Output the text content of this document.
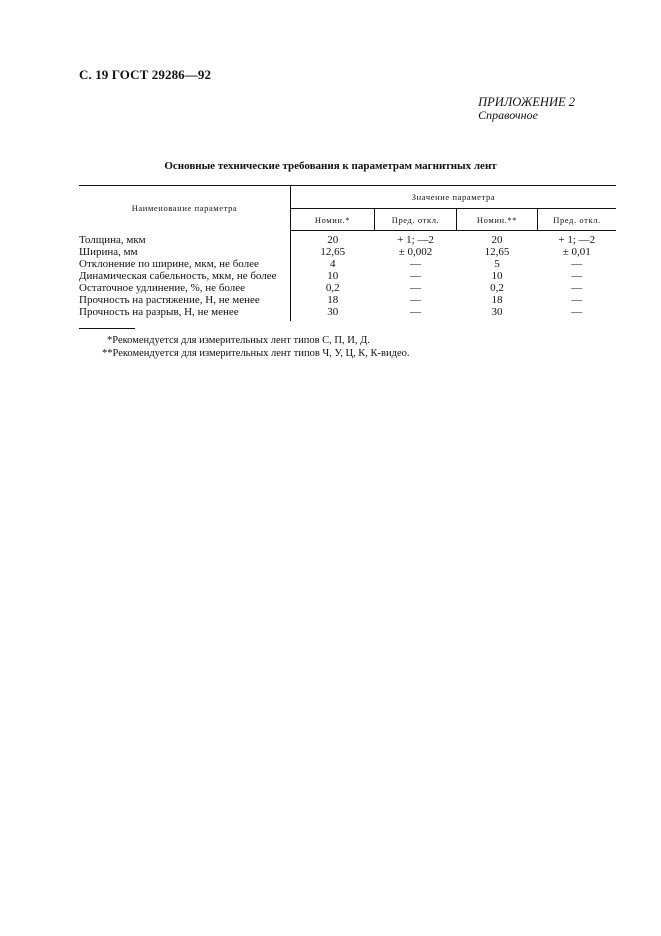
С. 19 ГОСТ 29286—92
ПРИЛОЖЕНИЕ 2
Справочное
Основные технические требования к параметрам магнитных лент
Наименование параметра	Значение параметра			
	Номин.*	Пред. откл.	Номин.**	Пред. откл.
Толщина, мкм	20	+ 1; —2	20	+ 1; —2
Ширина, мм	12,65	± 0,002	12,65	± 0,01
Отклонение по ширине, мкм, не более	4	—	5	—
Динамическая сабельность, мкм, не более	10	—	10	—
Остаточное удлинение, %, не более	0,2	—	0,2	—
Прочность на растяжение, Н, не менее	18	—	18	—
Прочность на разрыв, Н, не менее	30	—	30	—
*Рекомендуется для измерительных лент типов С, П, И, Д.
**Рекомендуется для измерительных лент типов Ч, У, Ц, К, К-видео.
